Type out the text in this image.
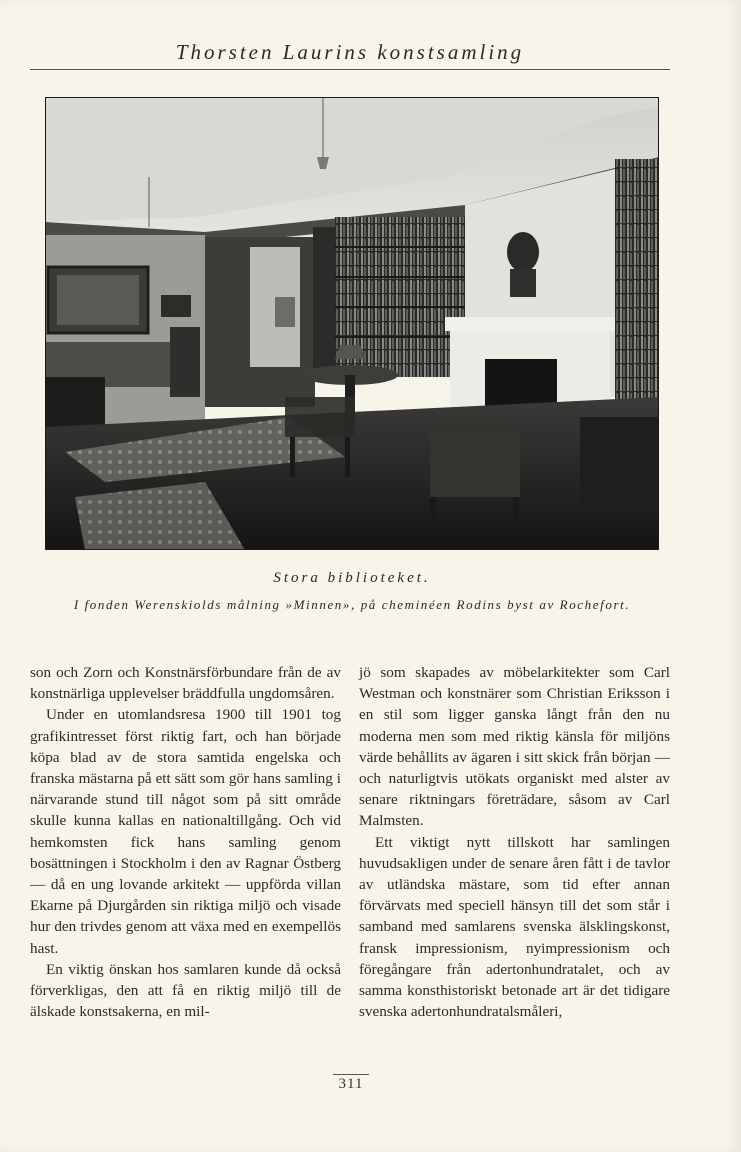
Thorsten Laurins konstsamling
Stora biblioteket.
I fonden Werenskiolds målning »Minnen», på cheminéen Rodins byst av Rochefort.

son och Zorn och Konstnärsförbundare från de av konstnärliga upplevelser bräddfulla ungdomsåren.

Under en utomlandsresa 1900 till 1901 tog grafikintresset först riktig fart, och han började köpa blad av de stora samtida engelska och franska mästarna på ett sätt som gör hans samling i närvarande stund till något som på sitt område skulle kunna kallas en nationaltillgång. Och vid hemkomsten fick hans samling genom bosättningen i Stockholm i den av Ragnar Östberg — då en ung lovande arkitekt — uppförda villan Ekarne på Djurgården sin riktiga miljö och visade hur den trivdes genom att växa med en exempellös hast.

En viktig önskan hos samlaren kunde då också förverkligas, den att få en riktig miljö till de älskade konstsakerna, en mil-

jö som skapades av möbelarkitekter som Carl Westman och konstnärer som Christian Eriksson i en stil som ligger ganska långt från den nu moderna men som med riktig känsla för miljöns värde behållits av ägaren i sitt skick från början — och naturligtvis utökats organiskt med alster av senare riktningars företrädare, såsom av Carl Malmsten.

Ett viktigt nytt tillskott har samlingen huvudsakligen under de senare åren fått i de tavlor av utländska mästare, som tid efter annan förvärvats med speciell hänsyn till det som står i samband med samlarens svenska älsklingskonst, fransk impressionism, nyimpressionism och föregångare från adertonhundratalet, och av samma konsthistoriskt betonade art är det tidigare svenska adertonhundratalsmåleri,

311
